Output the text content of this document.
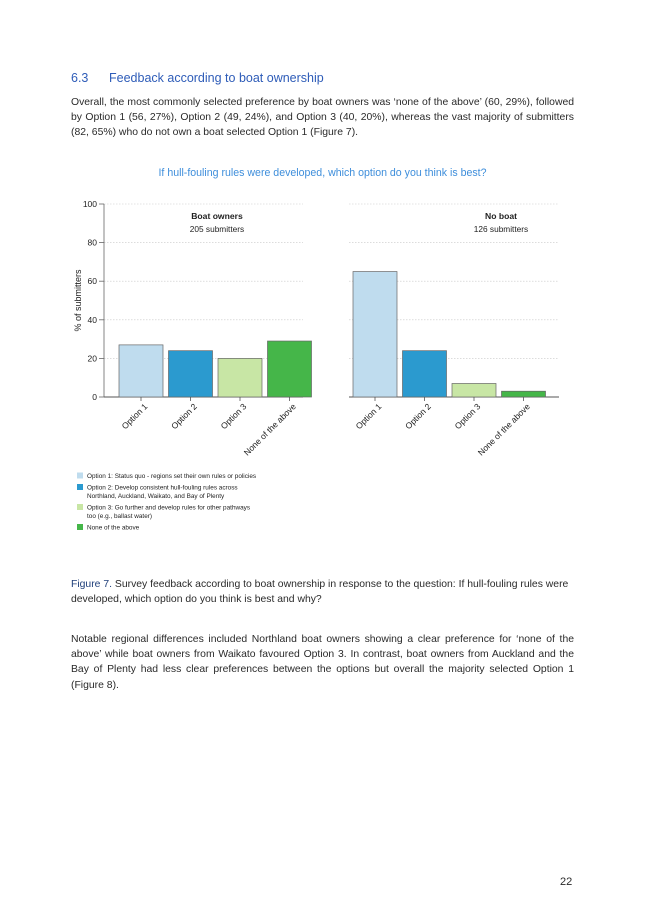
6.3 Feedback according to boat ownership

Overall, the most commonly selected preference by boat owners was ‘none of the above’ (60, 29%), followed by Option 1 (56, 27%), Option 2 (49, 24%), and Option 3 (40, 20%), whereas the vast majority of submitters (82, 65%) who do not own a boat selected Option 1 (Figure 7).

If hull-fouling rules were developed, which option do you think is best?
% of submitters
0
20
40
60
80
100
Boat owners
205 submitters
Option 1 Option 2 Option 3
None of the above
No boat
126 submitters
Option 1 Option 2 Option 3
None of the above
Option 1: Status quo - regions set their own rules or policies
Option 2: Develop consistent hull-fouling rules across
Northland, Auckland, Waikato, and Bay of Plenty
Option 3: Go further and develop rules for other pathways
too (e.g., ballast water)
None of the above

Figure 7. Survey feedback according to boat ownership in response to the question: If hull-fouling rules were developed, which option do you think is best and why?

Notable regional differences included Northland boat owners showing a clear preference for ‘none of the above’ while boat owners from Waikato favoured Option 3. In contrast, boat owners from Auckland and the Bay of Plenty had less clear preferences between the options but overall the majority selected Option 1 (Figure 8).

22
